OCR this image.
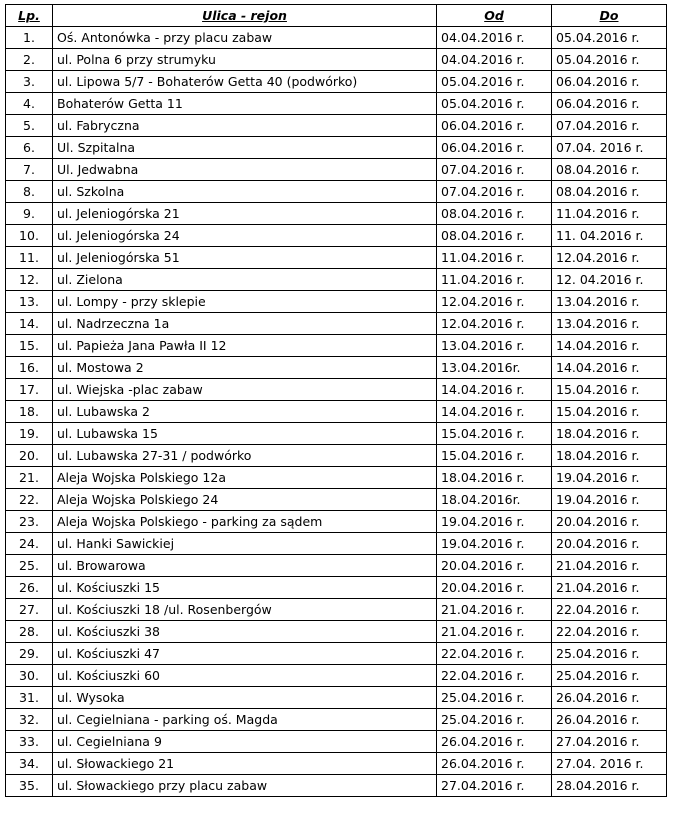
Lp.	Ulica - rejon	Od	Do
1.	Oś. Antonówka - przy placu zabaw	04.04.2016 r.	05.04.2016 r.
2.	ul. Polna 6 przy strumyku	04.04.2016 r.	05.04.2016 r.
3.	ul. Lipowa 5/7 - Bohaterów Getta 40 (podwórko)	05.04.2016 r.	06.04.2016 r.
4.	Bohaterów Getta 11	05.04.2016 r.	06.04.2016 r.
5.	ul. Fabryczna	06.04.2016 r.	07.04.2016 r.
6.	Ul. Szpitalna	06.04.2016 r.	07.04. 2016 r.
7.	Ul. Jedwabna	07.04.2016 r.	08.04.2016 r.
8.	ul. Szkolna	07.04.2016 r.	08.04.2016 r.
9.	ul. Jeleniogórska 21	08.04.2016 r.	11.04.2016 r.
10.	ul. Jeleniogórska 24	08.04.2016 r.	11. 04.2016 r.
11.	ul. Jeleniogórska 51	11.04.2016 r.	12.04.2016 r.
12.	ul. Zielona	11.04.2016 r.	12. 04.2016 r.
13.	ul. Lompy - przy sklepie	12.04.2016 r.	13.04.2016 r.
14.	ul. Nadrzeczna 1a	12.04.2016 r.	13.04.2016 r.
15.	ul. Papieża Jana Pawła II 12	13.04.2016 r.	14.04.2016 r.
16.	ul. Mostowa 2	13.04.2016r.	14.04.2016 r.
17.	ul. Wiejska -plac zabaw	14.04.2016 r.	15.04.2016 r.
18.	ul. Lubawska 2	14.04.2016 r.	15.04.2016 r.
19.	ul. Lubawska 15	15.04.2016 r.	18.04.2016 r.
20.	ul. Lubawska 27-31 / podwórko	15.04.2016 r.	18.04.2016 r.
21.	Aleja Wojska Polskiego 12a	18.04.2016 r.	19.04.2016 r.
22.	Aleja Wojska Polskiego 24	18.04.2016r.	19.04.2016 r.
23.	Aleja Wojska Polskiego - parking za sądem	19.04.2016 r.	20.04.2016 r.
24.	ul. Hanki Sawickiej	19.04.2016 r.	20.04.2016 r.
25.	ul. Browarowa	20.04.2016 r.	21.04.2016 r.
26.	ul. Kościuszki 15	20.04.2016 r.	21.04.2016 r.
27.	ul. Kościuszki 18 /ul. Rosenbergów	21.04.2016 r.	22.04.2016 r.
28.	ul. Kościuszki 38	21.04.2016 r.	22.04.2016 r.
29.	ul. Kościuszki 47	22.04.2016 r.	25.04.2016 r.
30.	ul. Kościuszki 60	22.04.2016 r.	25.04.2016 r.
31.	ul. Wysoka	25.04.2016 r.	26.04.2016 r.
32.	ul. Cegielniana - parking oś. Magda	25.04.2016 r.	26.04.2016 r.
33.	ul. Cegielniana 9	26.04.2016 r.	27.04.2016 r.
34.	ul. Słowackiego 21	26.04.2016 r.	27.04. 2016 r.
35.	ul. Słowackiego przy placu zabaw	27.04.2016 r.	28.04.2016 r.
